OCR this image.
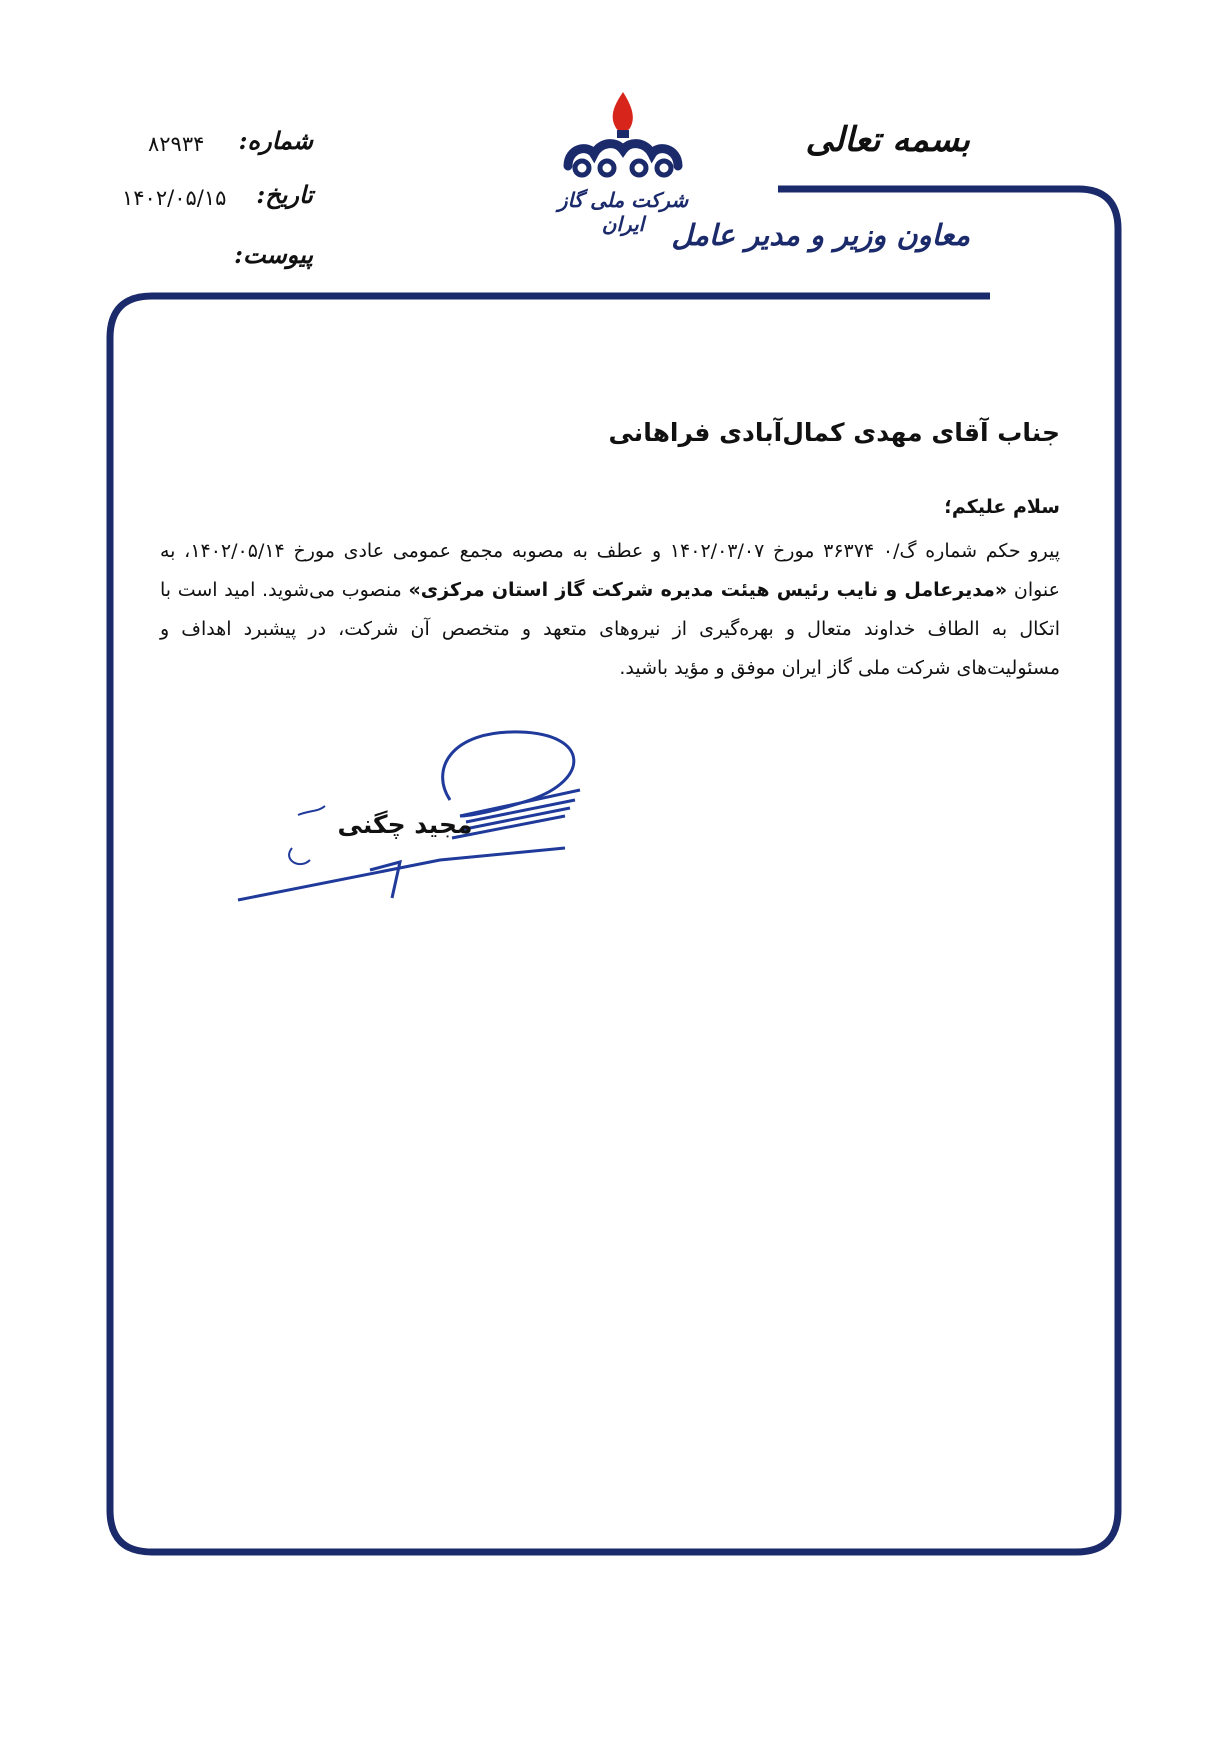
بسمه تعالی
معاون وزیر و مدیر عامل
شرکت ملی گاز ایران
شماره:
۸۲۹۳۴
تاریخ:
۱۴۰۲/۰۵/۱۵
پیوست:
جناب آقای مهدی کمال‌آبادی فراهانی
سلام علیکم؛
پیرو حکم شماره گ‌/۰ ۳۶۳۷۴ مورخ ۱۴۰۲/۰۳/۰۷ و عطف به مصوبه مجمع عمومی عادی مورخ ۱۴۰۲/۰۵/۱۴، به عنوان «مدیرعامل و نایب رئیس هیئت مدیره شرکت گاز استان مرکزی» منصوب می‌شوید. امید است با اتکال به الطاف خداوند متعال و بهره‌گیری از نیروهای متعهد و متخصص آن شرکت، در پیشبرد اهداف و مسئولیت‌های شرکت ملی گاز ایران موفق و مؤید باشید.
مجید چگنی
